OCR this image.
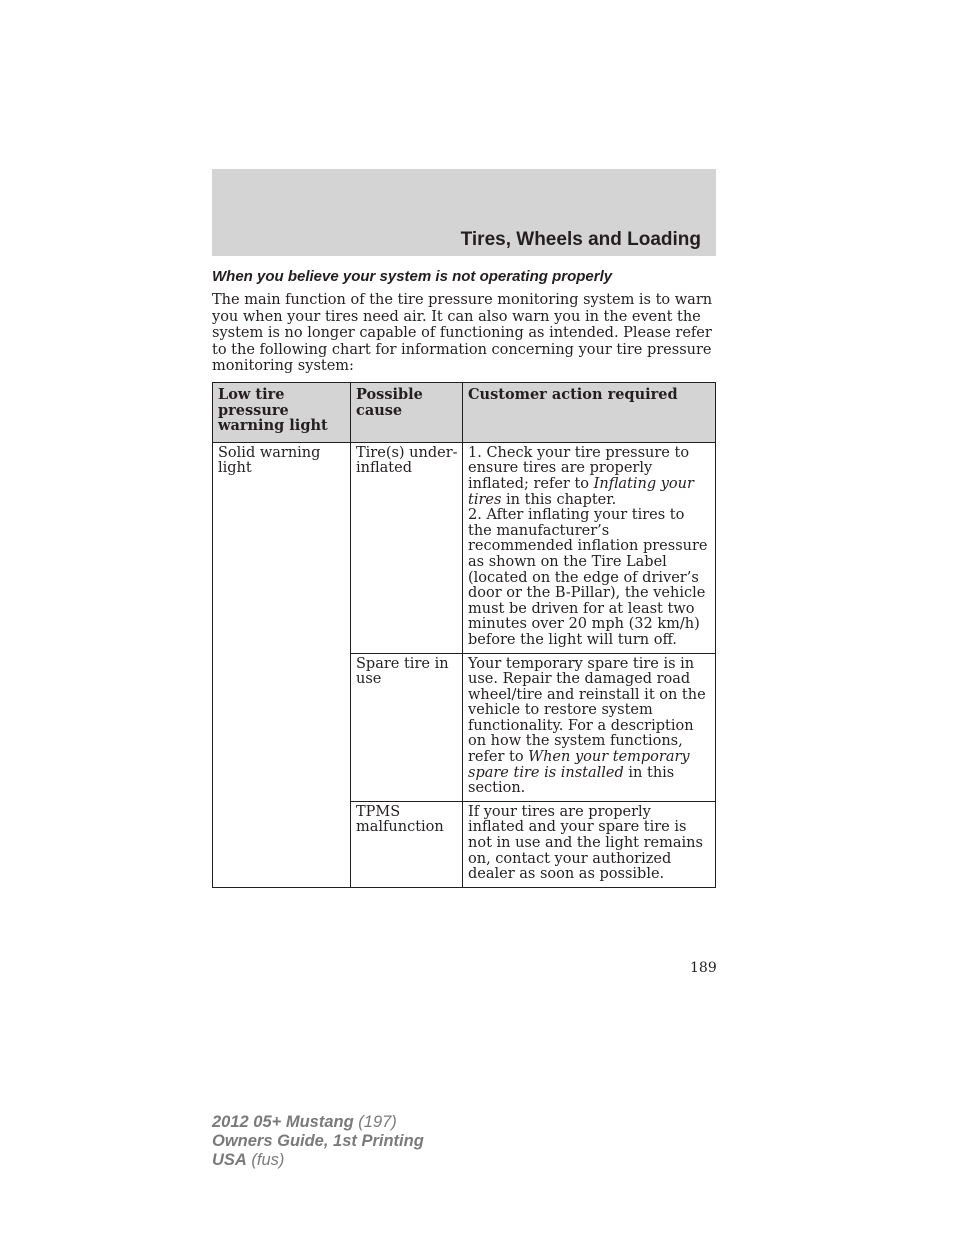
Tires, Wheels and Loading
When you believe your system is not operating properly

The main function of the tire pressure monitoring system is to warn you when your tires need air. It can also warn you in the event the system is no longer capable of functioning as intended. Please refer to the following chart for information concerning your tire pressure monitoring system:

Low tire pressure warning light	Possible cause	Customer action required
Solid warning light	Tire(s) under-inflated	1. Check your tire pressure to ensure tires are properly inflated; refer to Inflating your tires in this chapter.
2. After inflating your tires to the manufacturer’s recommended inflation pressure as shown on the Tire Label (located on the edge of driver’s door or the B-Pillar), the vehicle must be driven for at least two minutes over 20 mph (32 km/h) before the light will turn off.
	Spare tire in use	Your temporary spare tire is in use. Repair the damaged road wheel/tire and reinstall it on the vehicle to restore system functionality. For a description on how the system functions, refer to When your temporary spare tire is installed in this section.
	TPMS malfunction	If your tires are properly inflated and your spare tire is not in use and the light remains on, contact your authorized dealer as soon as possible.
189
2012 05+ Mustang (197)
Owners Guide, 1st Printing
USA (fus)
